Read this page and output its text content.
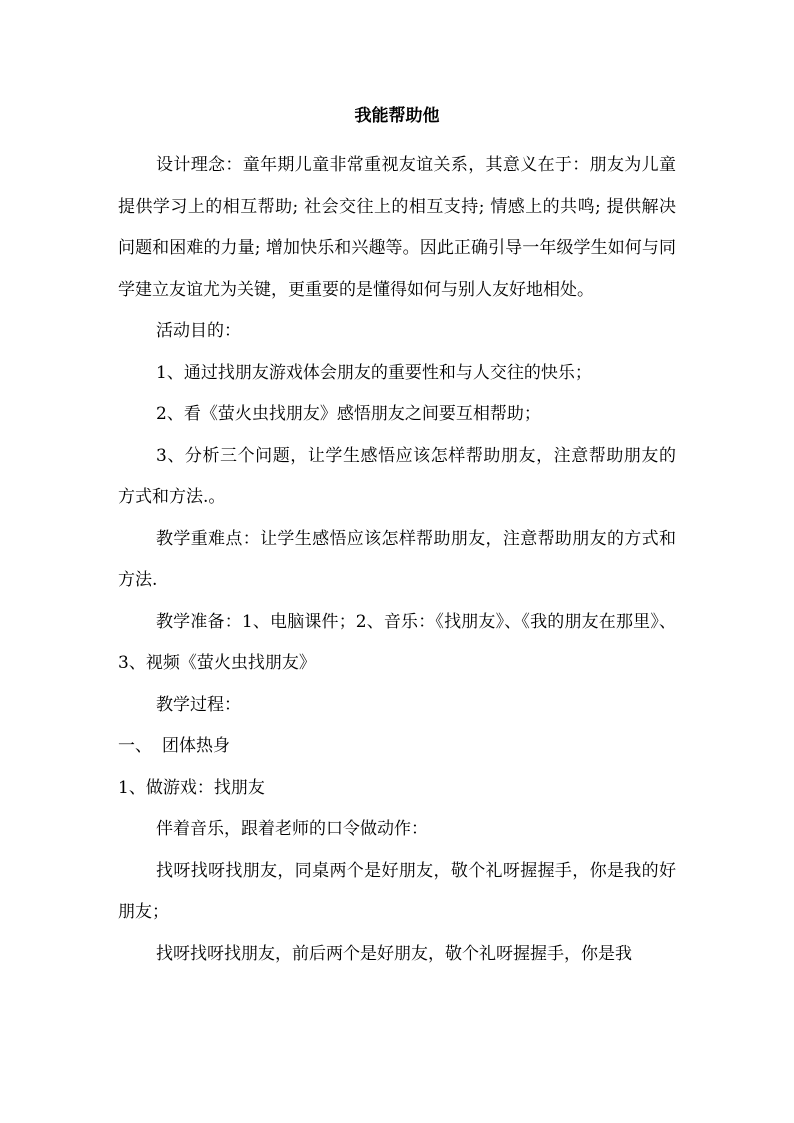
我能帮助他

设计理念：童年期儿童非常重视友谊关系，其意义在于：朋友为儿童提供学习上的相互帮助; 社会交往上的相互支持; 情感上的共鸣; 提供解决问题和困难的力量; 增加快乐和兴趣等。因此正确引导一年级学生如何与同学建立友谊尤为关键，更重要的是懂得如何与别人友好地相处。

活动目的：

1、通过找朋友游戏体会朋友的重要性和与人交往的快乐；

2、看《萤火虫找朋友》感悟朋友之间要互相帮助；

3、分析三个问题，让学生感悟应该怎样帮助朋友，注意帮助朋友的方式和方法.。

教学重难点：让学生感悟应该怎样帮助朋友，注意帮助朋友的方式和方法.

教学准备：1、电脑课件；2、音乐：《找朋友》、《我的朋友在那里》、3、视频《萤火虫找朋友》

教学过程：

一、 团体热身

1、做游戏：找朋友

伴着音乐，跟着老师的口令做动作：

找呀找呀找朋友，同桌两个是好朋友，敬个礼呀握握手，你是我的好朋友；

找呀找呀找朋友，前后两个是好朋友，敬个礼呀握握手，你是我
